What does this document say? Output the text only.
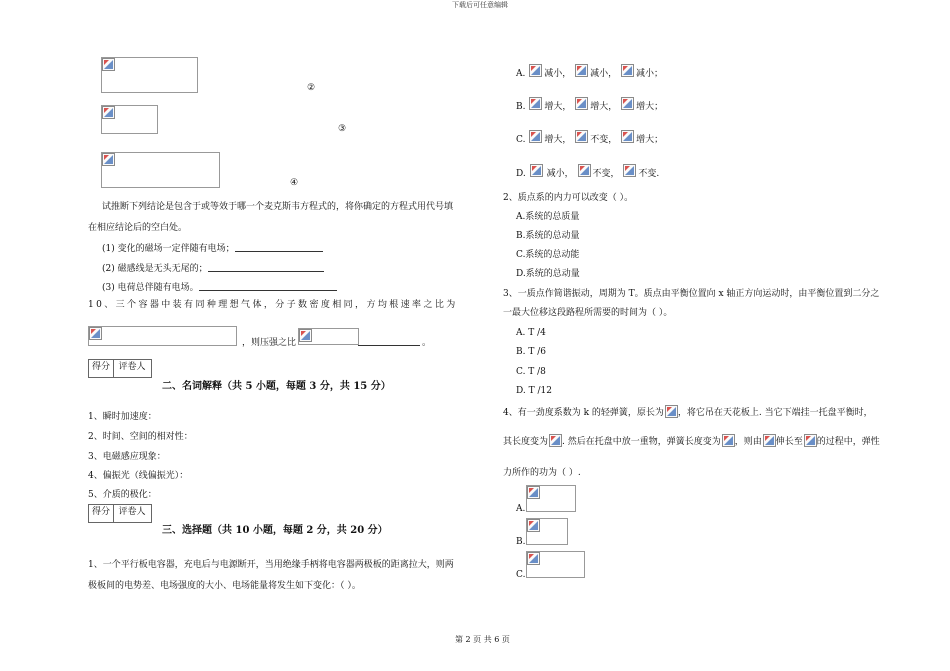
下载后可任意编辑
②
③
④
试推断下列结论是包含于或等效于哪一个麦克斯韦方程式的，将你确定的方程式用代号填
在相应结论后的空白处。
(1) 变化的磁场一定伴随有电场；
(2) 磁感线是无头无尾的；
(3) 电荷总伴随有电场。
10、三个容器中装有同种理想气体，分子数密度相同，方均根速率之比为
，则压强之比	。
得分 评卷人
二、名词解释（共 5 小题，每题 3 分，共 15 分）
1、瞬时加速度：
2、时间、空间的相对性：
3、电磁感应现象：
4、偏振光（线偏振光）：
5、介质的极化：
得分 评卷人
三、选择题（共 10 小题，每题 2 分，共 20 分）
1、一个平行板电容器，充电后与电源断开，当用绝缘手柄将电容器两极板的距离拉大，则两
极板间的电势差、电场强度的大小、电场能量将发生如下变化：（ ）。
A. 减小， 减小， 减小；
B. 增大， 增大， 增大；
C. 增大， 不变， 增大；
D. 减小， 不变， 不变.
2、质点系的内力可以改变（ ）。
A.系统的总质量
B.系统的总动量
C.系统的总动能
D.系统的总动量
3、一质点作简谐振动，周期为 T。质点由平衡位置向 x 轴正方向运动时，由平衡位置到二分之
一最大位移这段路程所需要的时间为（ ）。
A. T /4
B. T /6
C. T /8
D. T /12
4、有一劲度系数为 k 的轻弹簧，原长为 ，将它吊在天花板上. 当它下端挂一托盘平衡时，
其长度变为 . 然后在托盘中放一重物，弹簧长度变为 ，则由 伸长至 的过程中，弹性
力所作的功为（ ）.
A.
B.
C.
第 2 页 共 6 页
